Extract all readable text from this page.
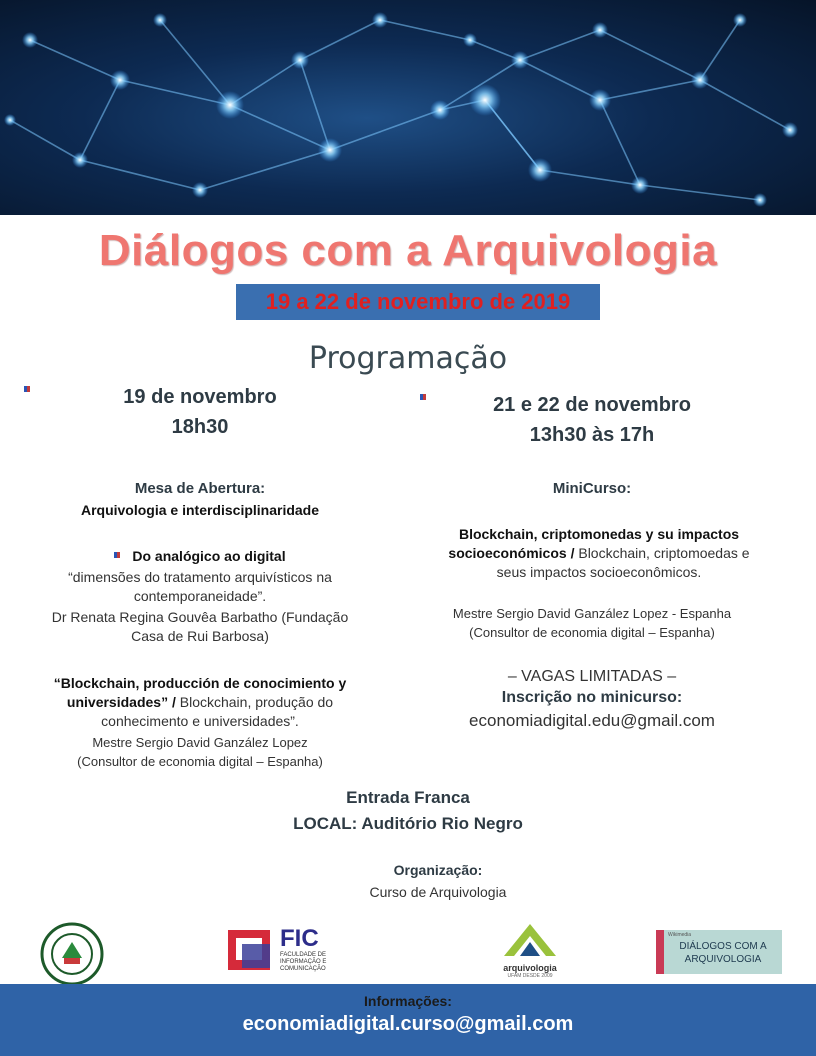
Diálogos com a Arquivologia
19 a 22 de novembro de 2019
Programação
19 de novembro
18h30
Mesa de Abertura:
Arquivologia e interdisciplinaridade
Do analógico ao digital
“dimensões do tratamento arquivísticos na contemporaneidade”.
Dr Renata Regina Gouvêa Barbatho (Fundação Casa de Rui Barbosa)
“Blockchain, producción de conocimiento y universidades” / Blockchain, produção do conhecimento e universidades”.
Mestre Sergio David Ganzález Lopez
(Consultor de economia digital – Espanha)
21 e 22 de novembro
13h30 às 17h
MiniCurso:
Blockchain, criptomonedas y su impactos socioeconómicos / Blockchain, criptomoedas e seus impactos socioeconômicos.
Mestre Sergio David Ganzález Lopez - Espanha
(Consultor de economia digital – Espanha)
– VAGAS LIMITADAS –
Inscrição no minicurso:
economiadigital.edu@gmail.com
Entrada Franca
LOCAL: Auditório Rio Negro
Organização:
Curso de Arquivologia
FIC
FACULDADE DE
INFORMAÇÃO E
COMUNICAÇÃO	arquivologia
UFAM DESDE 2009
Wikimedia
DIÁLOGOS COM A
ARQUIVOLOGIA
Informações:
economiadigital.curso@gmail.com
